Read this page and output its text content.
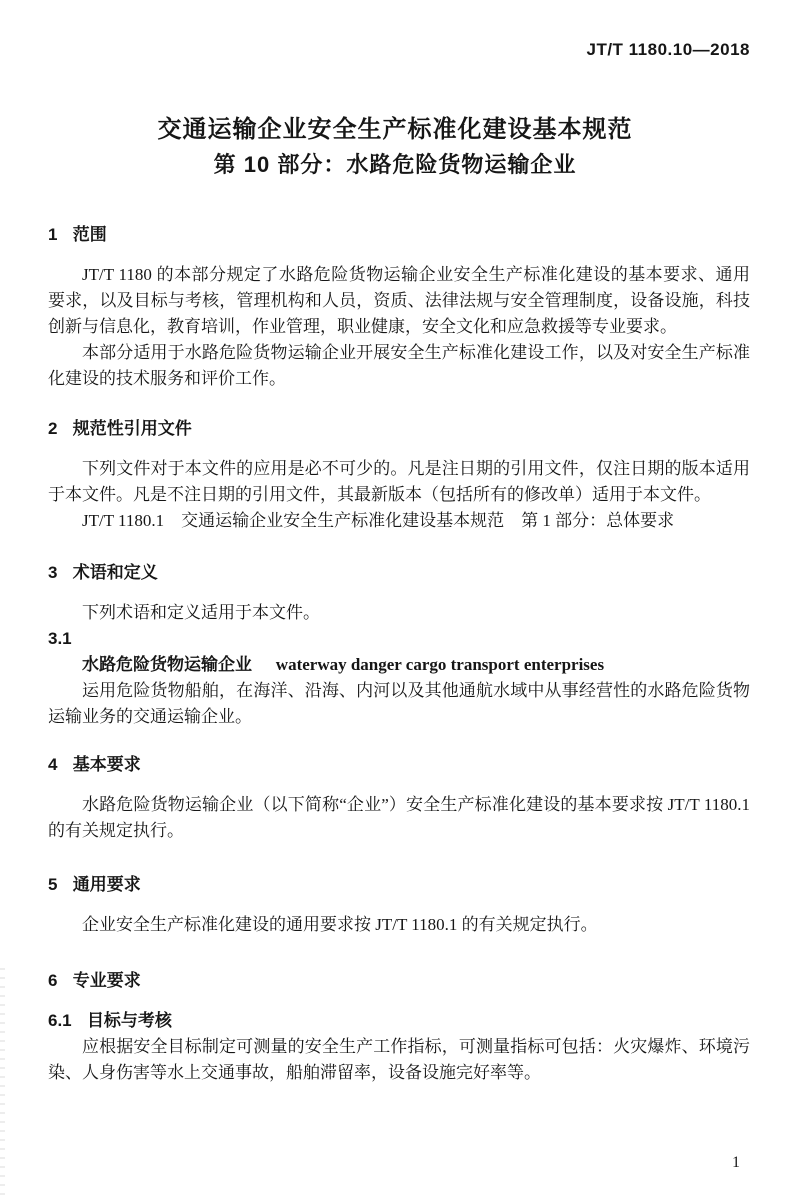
JT/T 1180.10—2018
交通运输企业安全生产标准化建设基本规范
第 10 部分：水路危险货物运输企业
1 范围

JT/T 1180 的本部分规定了水路危险货物运输企业安全生产标准化建设的基本要求、通用要求，以及目标与考核，管理机构和人员，资质、法律法规与安全管理制度，设备设施，科技创新与信息化，教育培训，作业管理，职业健康，安全文化和应急救援等专业要求。

本部分适用于水路危险货物运输企业开展安全生产标准化建设工作，以及对安全生产标准化建设的技术服务和评价工作。

2 规范性引用文件

下列文件对于本文件的应用是必不可少的。凡是注日期的引用文件，仅注日期的版本适用于本文件。凡是不注日期的引用文件，其最新版本（包括所有的修改单）适用于本文件。

JT/T 1180.1　交通运输企业安全生产标准化建设基本规范　第 1 部分：总体要求

3 术语和定义

下列术语和定义适用于本文件。

3.1
水路危险货物运输企业 waterway danger cargo transport enterprises

运用危险货物船舶，在海洋、沿海、内河以及其他通航水域中从事经营性的水路危险货物运输业务的交通运输企业。

4 基本要求

水路危险货物运输企业（以下简称“企业”）安全生产标准化建设的基本要求按 JT/T 1180.1 的有关规定执行。

5 通用要求

企业安全生产标准化建设的通用要求按 JT/T 1180.1 的有关规定执行。

6 专业要求
6.1 目标与考核

应根据安全目标制定可测量的安全生产工作指标，可测量指标可包括：火灾爆炸、环境污染、人身伤害等水上交通事故，船舶滞留率，设备设施完好率等。

1
